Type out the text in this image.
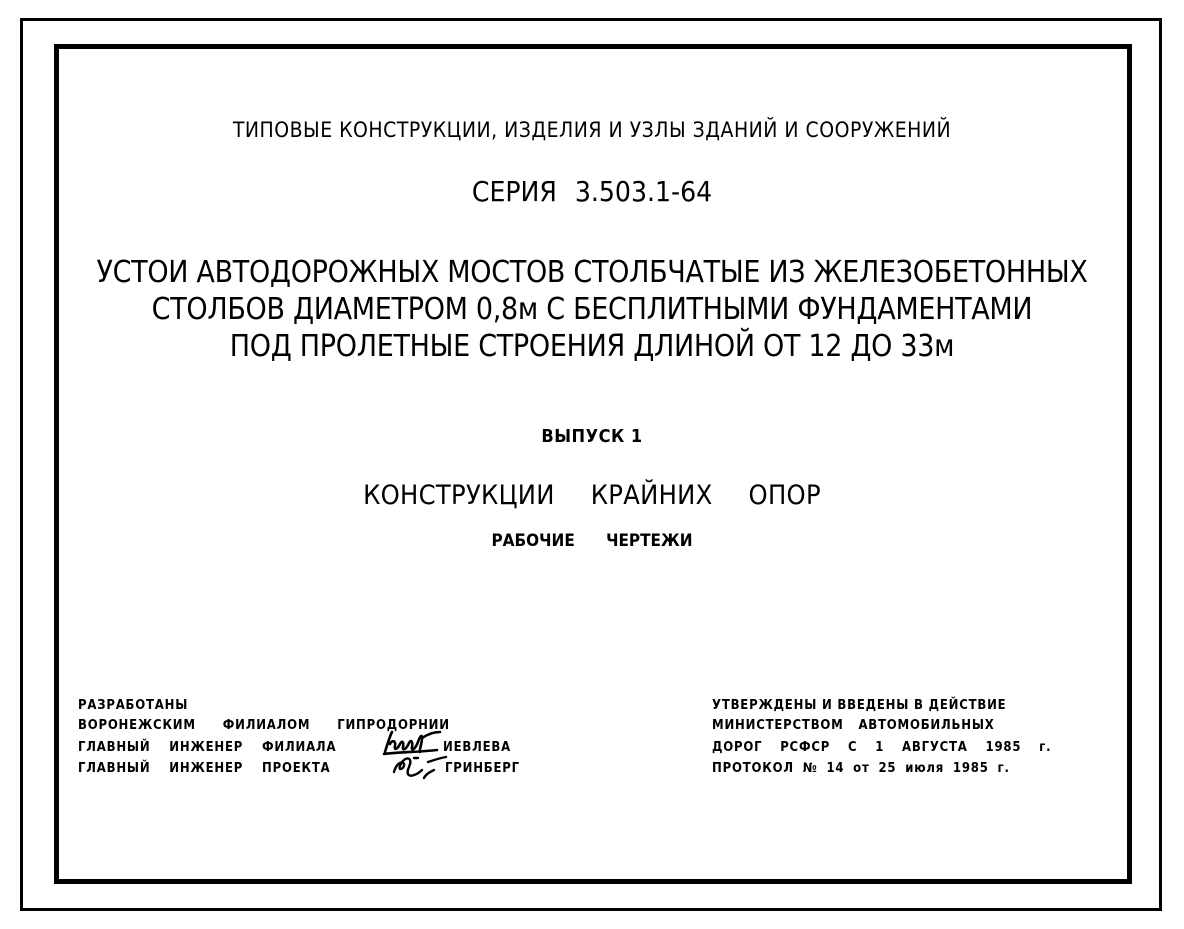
ТИПОВЫЕ КОНСТРУКЦИИ, ИЗДЕЛИЯ И УЗЛЫ ЗДАНИЙ И СООРУЖЕНИЙ
СЕРИЯ 3.503.1-64
УСТОИ АВТОДОРОЖНЫХ МОСТОВ СТОЛБЧАТЫЕ ИЗ ЖЕЛЕЗОБЕТОННЫХ
СТОЛБОВ ДИАМЕТРОМ 0,8м С БЕСПЛИТНЫМИ ФУНДАМЕНТАМИ
ПОД ПРОЛЕТНЫЕ СТРОЕНИЯ ДЛИНОЙ ОТ 12 ДО 33м
ВЫПУСК 1
КОНСТРУКЦИИ КРАЙНИХ ОПОР
РАБОЧИЕ ЧЕРТЕЖИ
РАЗРАБОТАНЫ
ВОРОНЕЖСКИМ ФИЛИАЛОМ ГИПРОДОРНИИ
ГЛАВНЫЙ ИНЖЕНЕР ФИЛИАЛА	ИЕВЛЕВА
ГЛАВНЫЙ ИНЖЕНЕР ПРОЕКТА	ГРИНБЕРГ
УТВЕРЖДЕНЫ И ВВЕДЕНЫ В ДЕЙСТВИЕ
МИНИСТЕРСТВОМ АВТОМОБИЛЬНЫХ
ДОРОГ РСФСР С 1 АВГУСТА 1985 г.
ПРОТОКОЛ № 14 от 25 июля 1985 г.
